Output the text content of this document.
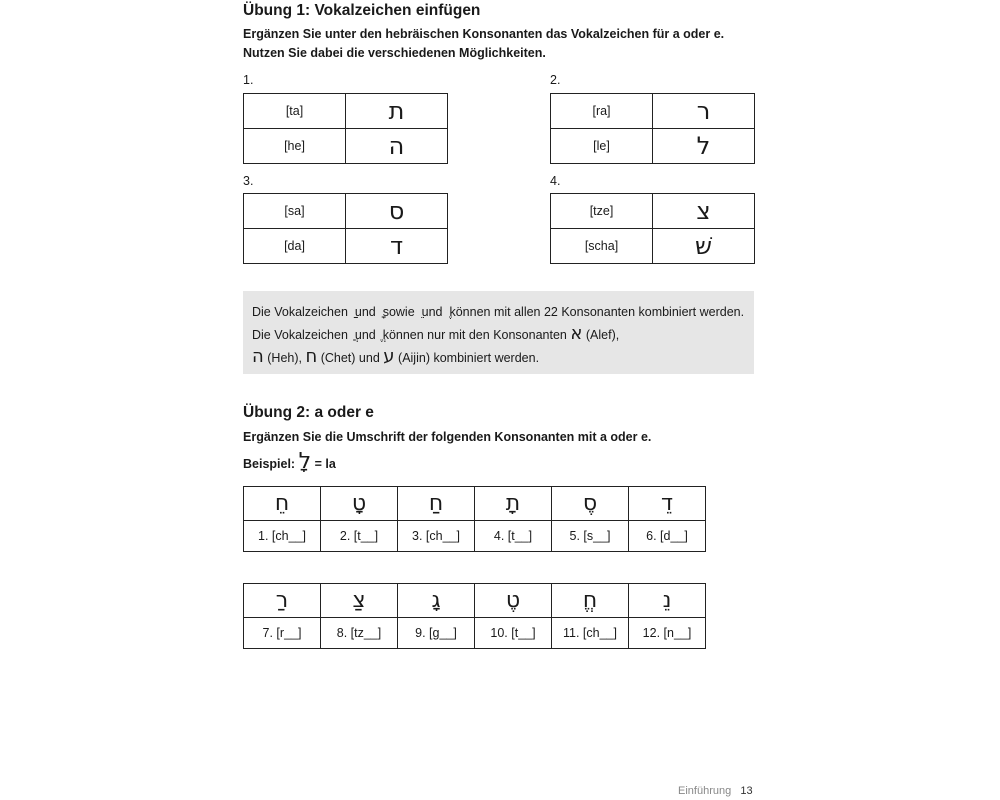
Übung 1: Vokalzeichen einfügen
Ergänzen Sie unter den hebräischen Konsonanten das Vokalzeichen für a oder e. Nutzen Sie dabei die verschiedenen Möglichkeiten.
1.
[ta]	ת
[he]	ה
2.
[ra]	ר
[le]	ל
3.
[sa]	ס
[da]	ד
4.
[tze]	צ
[scha]	שׁ

Die Vokalzeichen und sowie und können mit allen 22 Konsonanten kombiniert werden. Die Vokalzeichen und können nur mit den Konsonanten א (Alef),
ה (Heh), ח (Chet) und ע (Aijin) kombiniert werden.

Übung 2: a oder e
Ergänzen Sie die Umschrift der folgenden Konsonanten mit a oder e.
Beispiel: לָ = la
חֵ	טָ	חַ	תָ	סֶ	דֵ
1. [ch__]	2. [t__]	3. [ch__]	4. [t__]	5. [s__]	6. [d__]
רַ	צַ	גָ	טֶ	חֱ	נֵ
7. [r__]	8. [tz__]	9. [g__]	10. [t__]	11. [ch__]	12. [n__]
Einführung 13
